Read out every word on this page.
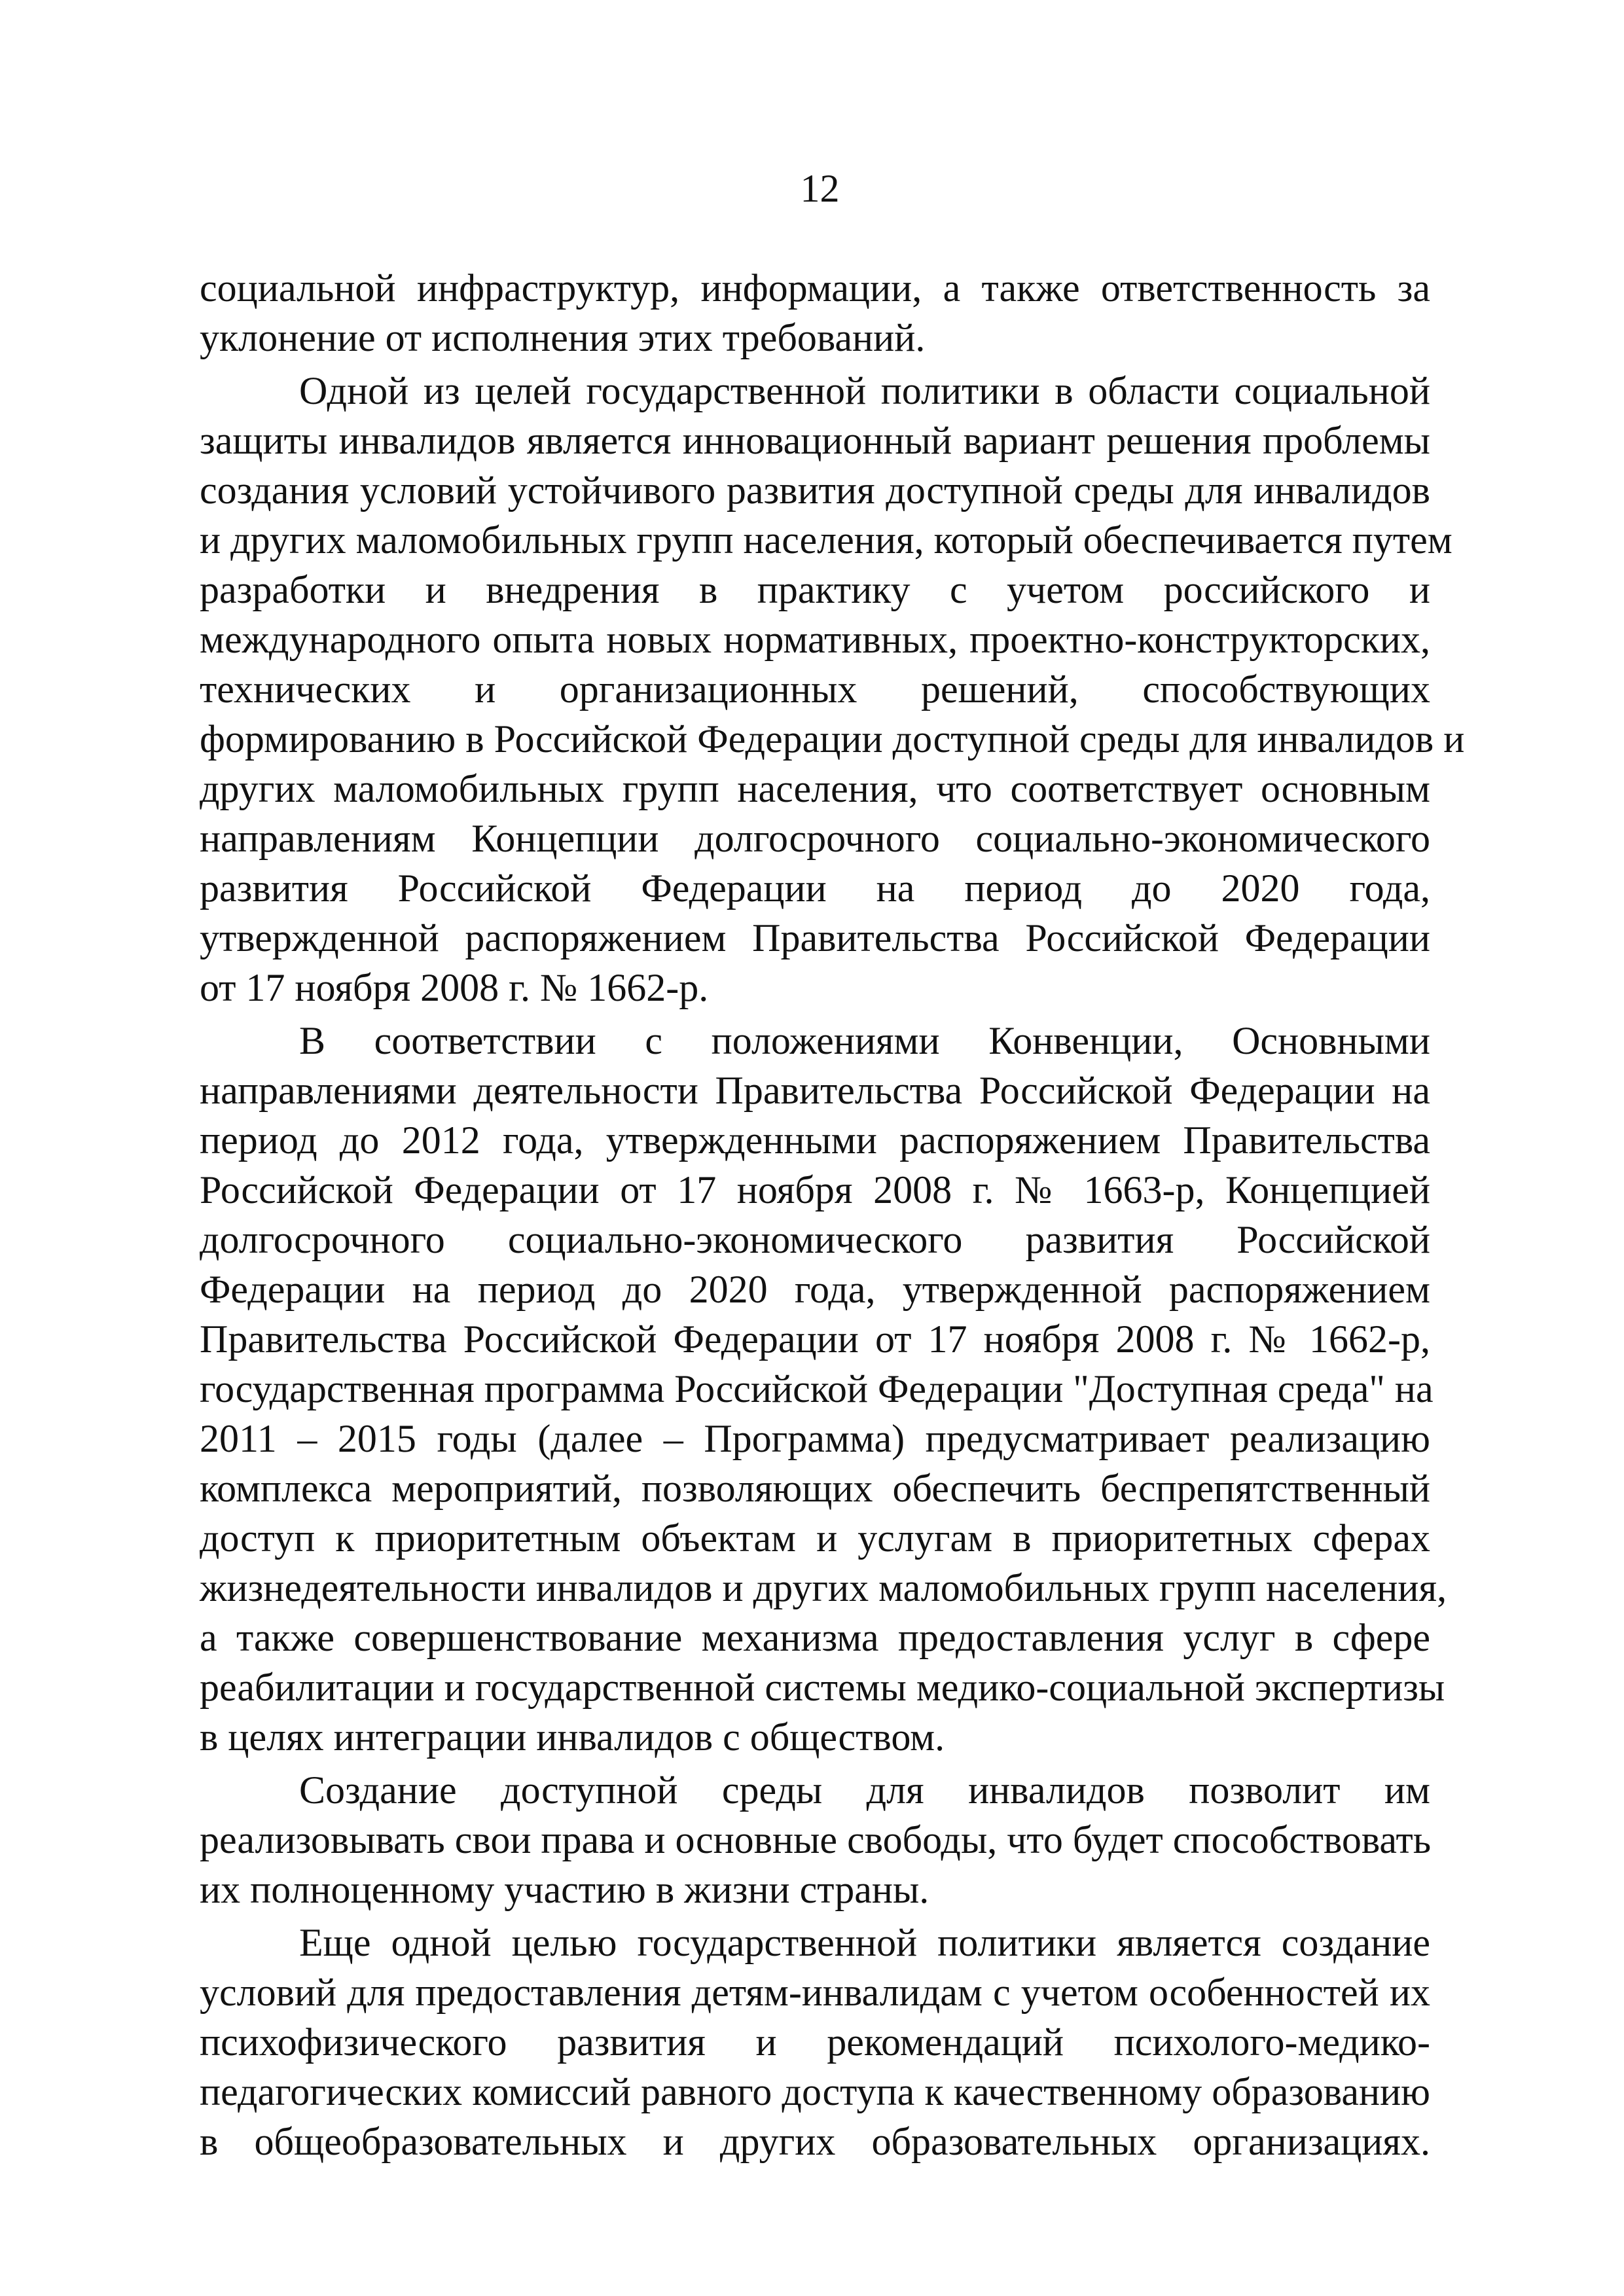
12
социальной инфраструктур, информации, а также ответственность за
уклонение от исполнения этих требований.
Одной из целей государственной политики в области социальной
защиты инвалидов является инновационный вариант решения проблемы
создания условий устойчивого развития доступной среды для инвалидов
и других маломобильных групп населения, который обеспечивается путем
разработки и внедрения в практику с учетом российского и
международного опыта новых нормативных, проектно-конструкторских,
технических и организационных решений, способствующих
формированию в Российской Федерации доступной среды для инвалидов и
других маломобильных групп населения, что соответствует основным
направлениям Концепции долгосрочного социально-экономического
развития Российской Федерации на период до 2020 года,
утвержденной распоряжением Правительства Российской Федерации
от 17 ноября 2008 г. № 1662-р.
В соответствии с положениями Конвенции, Основными
направлениями деятельности Правительства Российской Федерации на
период до 2012 года, утвержденными распоряжением Правительства
Российской Федерации от 17 ноября 2008 г. № 1663-р, Концепцией
долгосрочного социально-экономического развития Российской
Федерации на период до 2020 года, утвержденной распоряжением
Правительства Российской Федерации от 17 ноября 2008 г. № 1662-р,
государственная программа Российской Федерации "Доступная среда" на
2011 – 2015 годы (далее – Программа) предусматривает реализацию
комплекса мероприятий, позволяющих обеспечить беспрепятственный
доступ к приоритетным объектам и услугам в приоритетных сферах
жизнедеятельности инвалидов и других маломобильных групп населения,
а также совершенствование механизма предоставления услуг в сфере
реабилитации и государственной системы медико-социальной экспертизы
в целях интеграции инвалидов с обществом.
Создание доступной среды для инвалидов позволит им
реализовывать свои права и основные свободы, что будет способствовать
их полноценному участию в жизни страны.
Еще одной целью государственной политики является создание
условий для предоставления детям-инвалидам с учетом особенностей их
психофизического развития и рекомендаций психолого-медико-
педагогических комиссий равного доступа к качественному образованию
в общеобразовательных и других образовательных организациях.
